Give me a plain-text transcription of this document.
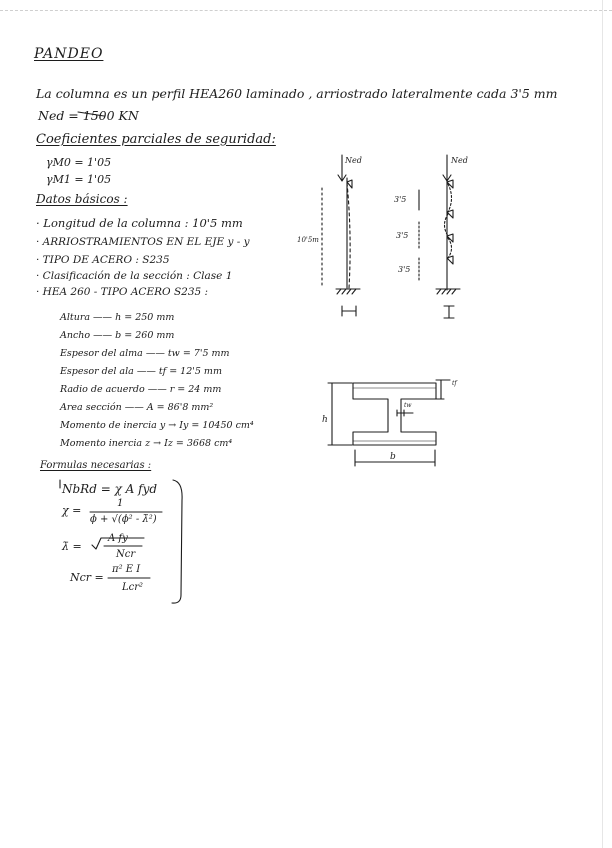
PANDEO
La columna es un perfil HEA260 laminado , arriostrado lateralmente cada 3'5 mm
Ned = 1500 KN
Coeficientes parciales de seguridad:
γM0 = 1'05
γM1 = 1'05
Datos básicos :
· Longitud de la columna : 10'5 mm
· ARRIOSTRAMIENTOS EN EL EJE y - y
· TIPO DE ACERO : S235
· Clasificación de la sección : Clase 1
· HEA 260 - TIPO ACERO S235 :
Altura —— h = 250 mm
Ancho —— b = 260 mm
Espesor del alma —— tw = 7'5 mm
Espesor del ala —— tf = 12'5 mm
Radio de acuerdo —— r = 24 mm
Area sección —— A = 86'8 mm²
Momento de inercia y → Iy = 10450 cm⁴
Momento inercia z → Iz = 3668 cm⁴
Formulas necesarias :
NbRd = χ A fyd
χ =
1
ϕ + √(ϕ² - λ̄²)
λ̄ =
A fy
Ncr
Ncr =
π² E I
Lcr²
Ned	Ned
10'5m
3'5
3'5
3'5
h
b
tf
tw
